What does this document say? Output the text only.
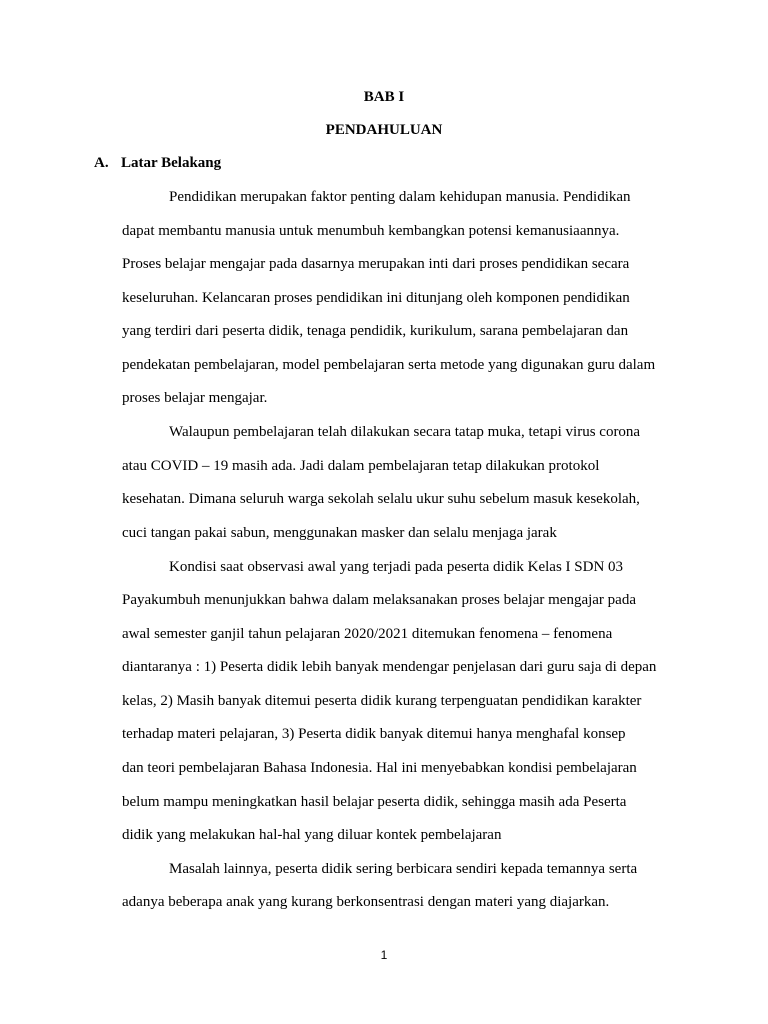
BAB I
PENDAHULUAN
A. Latar Belakang
Pendidikan merupakan faktor penting dalam kehidupan manusia. Pendidikan
dapat membantu manusia untuk menumbuh kembangkan potensi kemanusiaannya.
Proses belajar mengajar pada dasarnya merupakan inti dari proses pendidikan secara
keseluruhan. Kelancaran proses pendidikan ini ditunjang oleh komponen pendidikan
yang terdiri dari peserta didik, tenaga pendidik, kurikulum, sarana pembelajaran dan
pendekatan pembelajaran, model pembelajaran serta metode yang digunakan guru dalam
proses belajar mengajar.
Walaupun pembelajaran telah dilakukan secara tatap muka, tetapi virus corona
atau COVID – 19 masih ada. Jadi dalam pembelajaran tetap dilakukan protokol
kesehatan. Dimana seluruh warga sekolah selalu ukur suhu sebelum masuk kesekolah,
cuci tangan pakai sabun, menggunakan masker dan selalu menjaga jarak
Kondisi saat observasi awal yang terjadi pada peserta didik Kelas I SDN 03
Payakumbuh menunjukkan bahwa dalam melaksanakan proses belajar mengajar pada
awal semester ganjil tahun pelajaran 2020/2021 ditemukan fenomena – fenomena
diantaranya : 1) Peserta didik lebih banyak mendengar penjelasan dari guru saja di depan
kelas, 2) Masih banyak ditemui peserta didik kurang terpenguatan pendidikan karakter
terhadap materi pelajaran, 3) Peserta didik banyak ditemui hanya menghafal konsep
dan teori pembelajaran Bahasa Indonesia. Hal ini menyebabkan kondisi pembelajaran
belum mampu meningkatkan hasil belajar peserta didik, sehingga masih ada Peserta
didik yang melakukan hal-hal yang diluar kontek pembelajaran
Masalah lainnya, peserta didik sering berbicara sendiri kepada temannya serta
adanya beberapa anak yang kurang berkonsentrasi dengan materi yang diajarkan.
1
